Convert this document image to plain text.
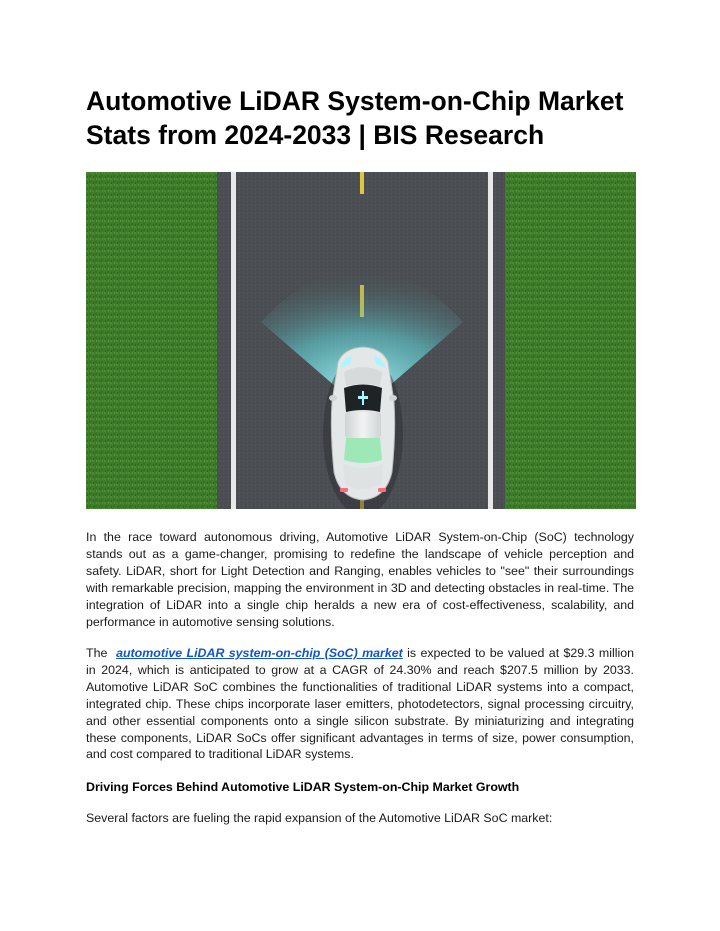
Automotive LiDAR System-on-Chip Market Stats from 2024-2033 | BIS Research

In the race toward autonomous driving, Automotive LiDAR System-on-Chip (SoC) technology stands out as a game-changer, promising to redefine the landscape of vehicle perception and safety. LiDAR, short for Light Detection and Ranging, enables vehicles to "see" their surroundings with remarkable precision, mapping the environment in 3D and detecting obstacles in real-time. The integration of LiDAR into a single chip heralds a new era of cost-effectiveness, scalability, and performance in automotive sensing solutions.

The automotive LiDAR system-on-chip (SoC) market is expected to be valued at $29.3 million in 2024, which is anticipated to grow at a CAGR of 24.30% and reach $207.5 million by 2033. Automotive LiDAR SoC combines the functionalities of traditional LiDAR systems into a compact, integrated chip. These chips incorporate laser emitters, photodetectors, signal processing circuitry, and other essential components onto a single silicon substrate. By miniaturizing and integrating these components, LiDAR SoCs offer significant advantages in terms of size, power consumption, and cost compared to traditional LiDAR systems.

Driving Forces Behind Automotive LiDAR System-on-Chip Market Growth

Several factors are fueling the rapid expansion of the Automotive LiDAR SoC market:
